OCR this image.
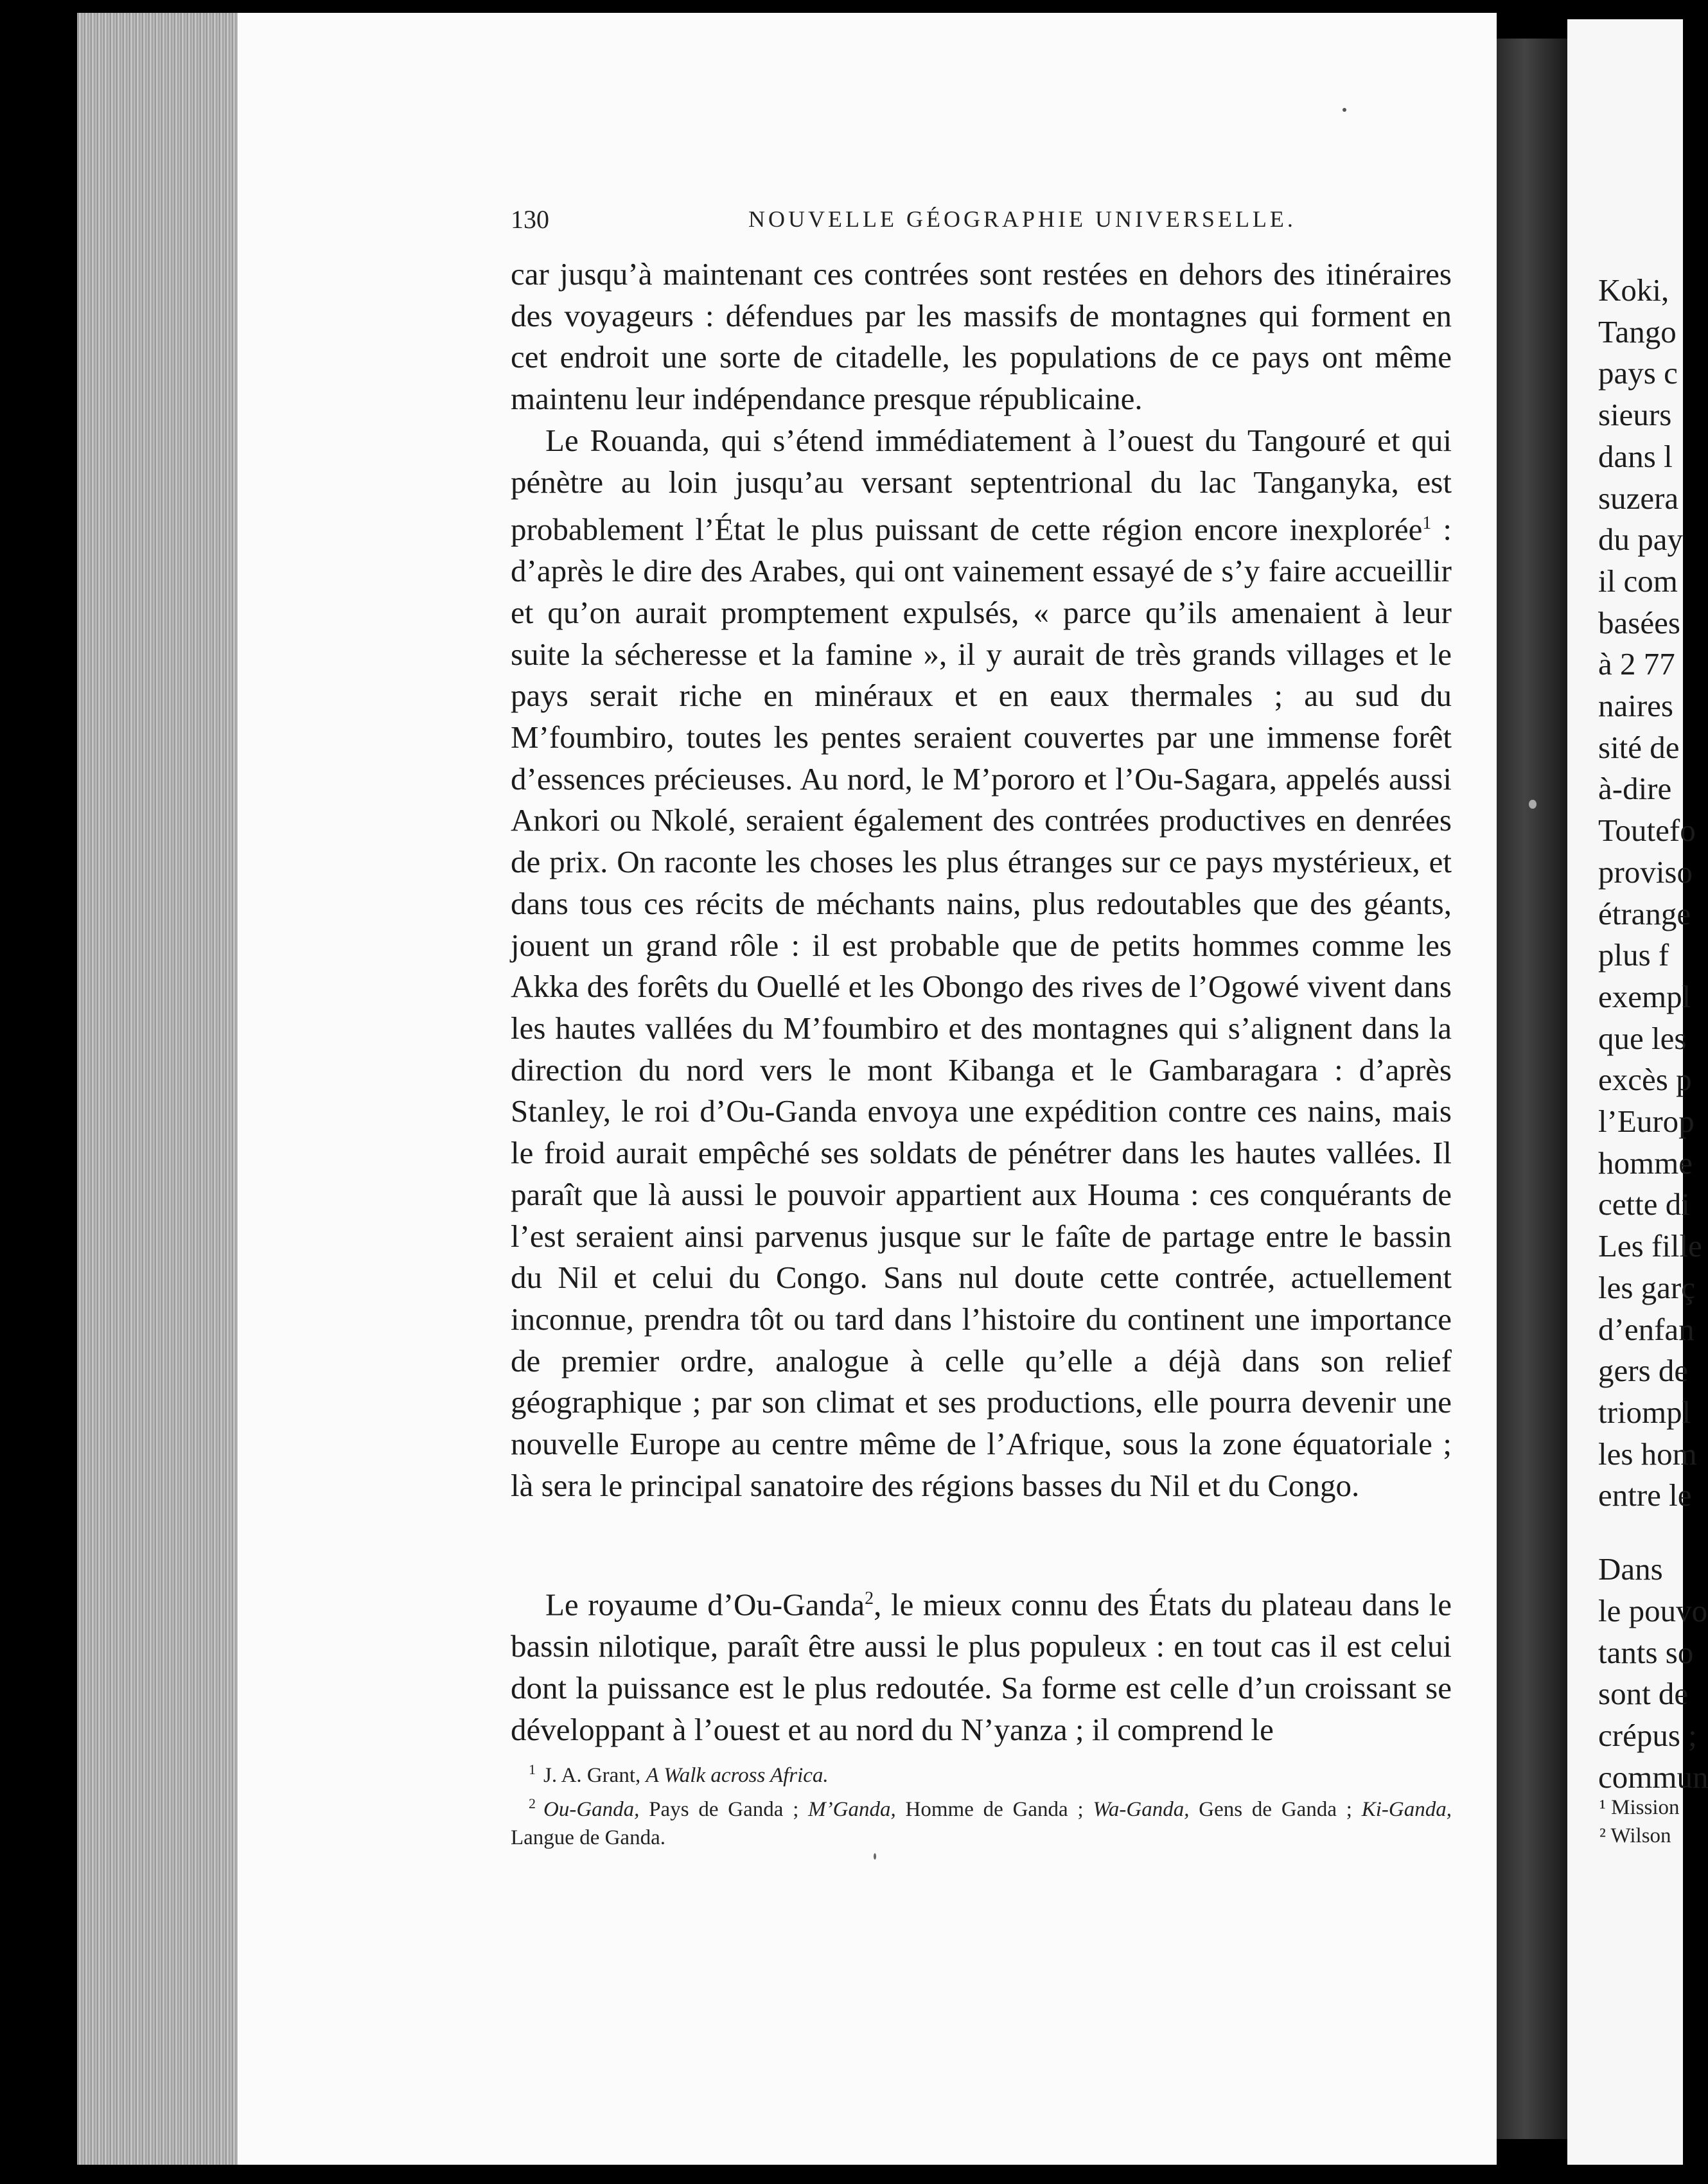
Koki,
Tango
pays c
sieurs
dans l
suzera
du pay
il com
basées
à 2 77
naires
sité de
à-dire
Toutefo
proviso
étrange
plus f
exempl
que les
excès p
l’Europ
homme
cette di
Les fille
les garç
d’enfan
gers de
triompl
les hom
entre le
Dans
le pouvo
tants so
sont de
crépus ;
commun
¹ Mission
² Wilson
130	NOUVELLE GÉOGRAPHIE UNIVERSELLE.

car jusqu’à maintenant ces contrées sont restées en dehors des itinéraires des voyageurs : défendues par les massifs de montagnes qui forment en cet endroit une sorte de citadelle, les populations de ce pays ont même maintenu leur indépendance presque républicaine.

Le Rouanda, qui s’étend immédiatement à l’ouest du Tangouré et qui pénètre au loin jusqu’au versant septentrional du lac Tanganyka, est probablement l’État le plus puissant de cette région encore inexplorée$^1$ : d’après le dire des Arabes, qui ont vainement essayé de s’y faire accueillir et qu’on aurait promptement expulsés, « parce qu’ils amenaient à leur suite la sécheresse et la famine », il y aurait de très grands villages et le pays serait riche en minéraux et en eaux thermales ; au sud du M’foumbiro, toutes les pentes seraient couvertes par une immense forêt d’essences précieuses. Au nord, le M’pororo et l’Ou-Sagara, appelés aussi Ankori ou Nkolé, seraient également des contrées productives en denrées de prix. On raconte les choses les plus étranges sur ce pays mystérieux, et dans tous ces récits de méchants nains, plus redoutables que des géants, jouent un grand rôle : il est probable que de petits hommes comme les Akka des forêts du Ouellé et les Obongo des rives de l’Ogowé vivent dans les hautes vallées du M’foumbiro et des montagnes qui s’alignent dans la direction du nord vers le mont Kibanga et le Gambaragara : d’après Stanley, le roi d’Ou-Ganda envoya une expédition contre ces nains, mais le froid aurait empêché ses soldats de pénétrer dans les hautes vallées. Il paraît que là aussi le pouvoir appartient aux Houma : ces conquérants de l’est seraient ainsi parvenus jusque sur le faîte de partage entre le bassin du Nil et celui du Congo. Sans nul doute cette contrée, actuellement inconnue, prendra tôt ou tard dans l’histoire du continent une importance de premier ordre, analogue à celle qu’elle a déjà dans son relief géographique ; par son climat et ses productions, elle pourra devenir une nouvelle Europe au centre même de l’Afrique, sous la zone équatoriale ; là sera le principal sanatoire des régions basses du Nil et du Congo.

Le royaume d’Ou-Ganda$^2$, le mieux connu des États du plateau dans le bassin nilotique, paraît être aussi le plus populeux : en tout cas il est celui dont la puissance est le plus redoutée. Sa forme est celle d’un croissant se développant à l’ouest et au nord du N’yanza ; il comprend le

$^1$ J. A. Grant, A Walk across Africa.

$^2$ Ou-Ganda, Pays de Ganda ; M’Ganda, Homme de Ganda ; Wa-Ganda, Gens de Ganda ; Ki-Ganda, Langue de Ganda.
